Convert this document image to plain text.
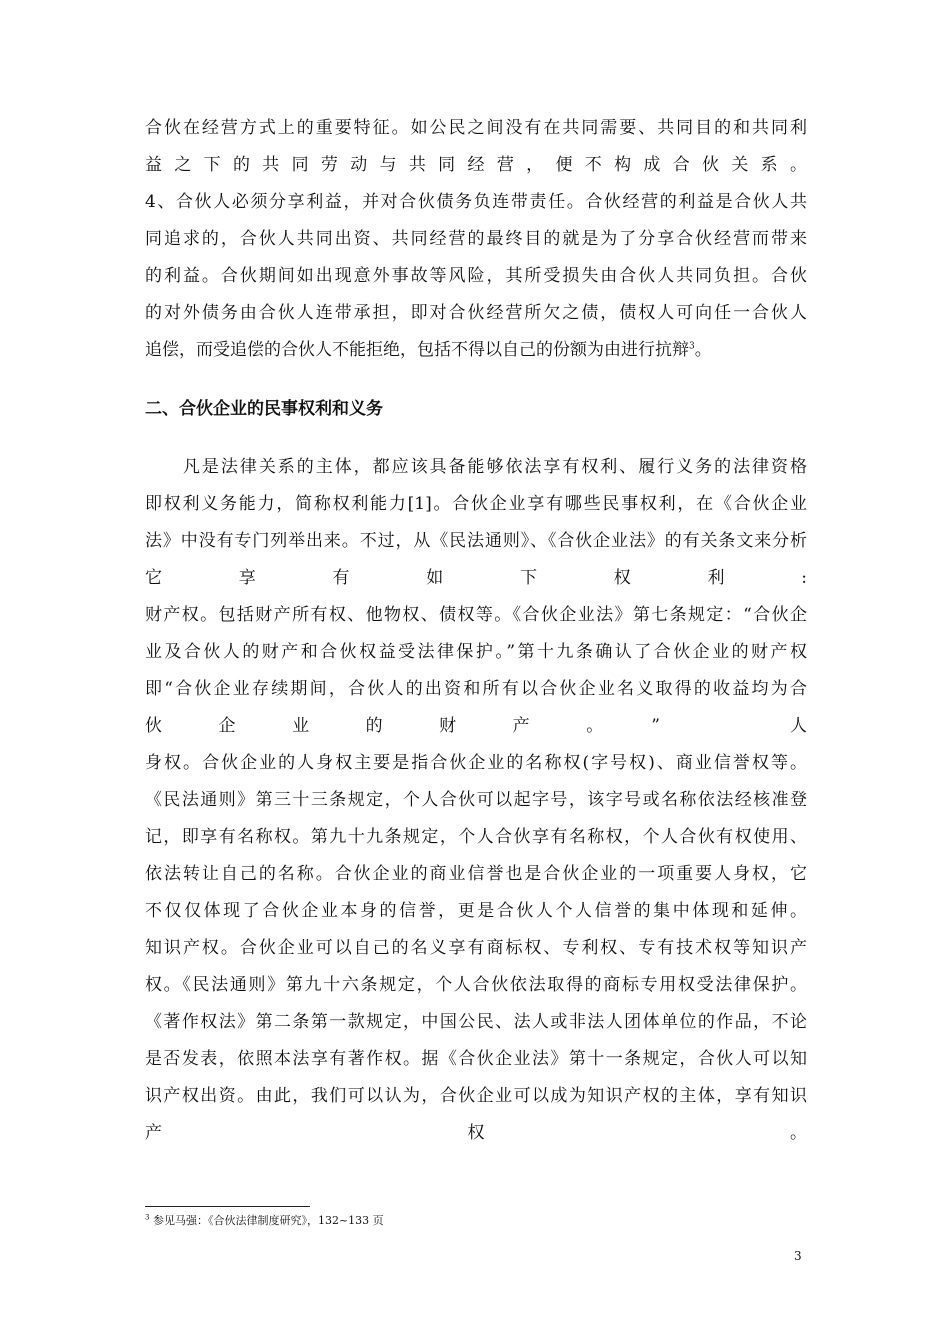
合伙在经营方式上的重要特征。如公民之间没有在共同需要、共同目的和共同利
益之下的共同劳动与共同经营，便不构成合伙关系。
4、合伙人必须分享利益，并对合伙债务负连带责任。合伙经营的利益是合伙人共
同追求的，合伙人共同出资、共同经营的最终目的就是为了分享合伙经营而带来
的利益。合伙期间如出现意外事故等风险，其所受损失由合伙人共同负担。合伙
的对外债务由合伙人连带承担，即对合伙经营所欠之债，债权人可向任一合伙人
追偿，而受追偿的合伙人不能拒绝，包括不得以自己的份额为由进行抗辩$^3$。
二、合伙企业的民事权利和义务
　　凡是法律关系的主体，都应该具备能够依法享有权利、履行义务的法律资格
即权利义务能力，简称权利能力[1]。合伙企业享有哪些民事权利，在《合伙企业
法》中没有专门列举出来。不过，从《民法通则》、《合伙企业法》的有关条文来分析
它享有如下权利:
财产权。包括财产所有权、他物权、债权等。《合伙企业法》第七条规定：“合伙企
业及合伙人的财产和合伙权益受法律保护。”第十九条确认了合伙企业的财产权
即“合伙企业存续期间，合伙人的出资和所有以合伙企业名义取得的收益均为合
伙企业的财产。”　人
身权。合伙企业的人身权主要是指合伙企业的名称权(字号权)、商业信誉权等。
《民法通则》第三十三条规定，个人合伙可以起字号，该字号或名称依法经核准登
记，即享有名称权。第九十九条规定，个人合伙享有名称权，个人合伙有权使用、
依法转让自己的名称。合伙企业的商业信誉也是合伙企业的一项重要人身权，它
不仅仅体现了合伙企业本身的信誉，更是合伙人个人信誉的集中体现和延伸。
知识产权。合伙企业可以自己的名义享有商标权、专利权、专有技术权等知识产
权。《民法通则》第九十六条规定，个人合伙依法取得的商标专用权受法律保护。
《著作权法》第二条第一款规定，中国公民、法人或非法人团体单位的作品，不论
是否发表，依照本法享有著作权。据《合伙企业法》第十一条规定，合伙人可以知
识产权出资。由此，我们可以认为，合伙企业可以成为知识产权的主体，享有知识
产权。
$^3$ 参见马强：《合伙法律制度研究》，132~133 页
3
